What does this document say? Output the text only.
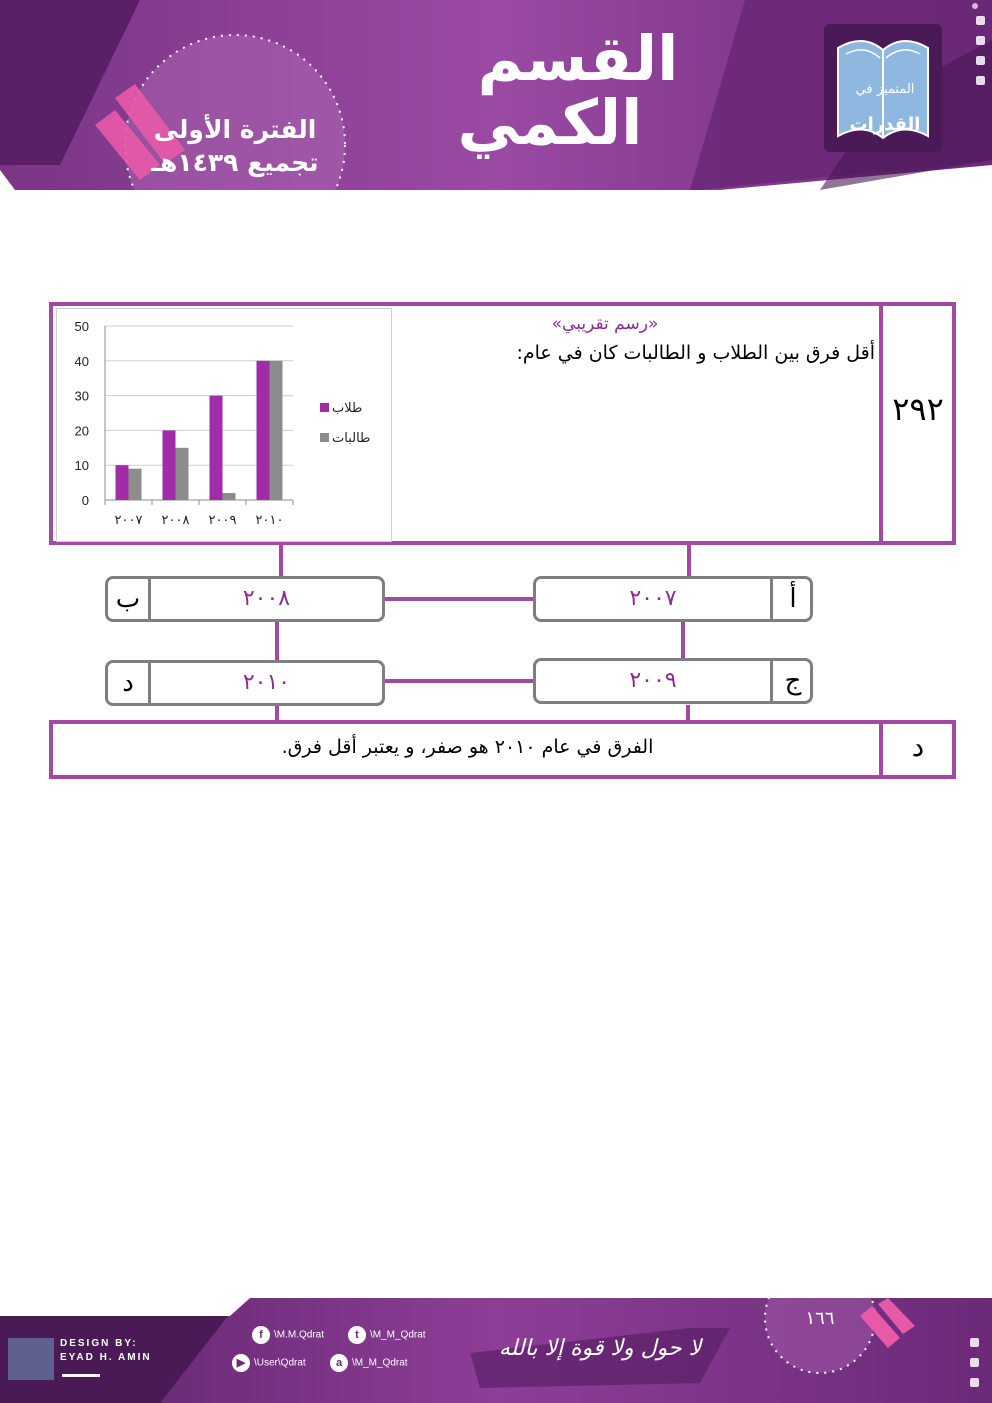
القسم
الكمي
الفترة الأولى
تجميع ١٤٣٩هـ
المتميز في
القدرات
٢٩٢
«رسم تقريبي»
أقل فرق بين الطلاب و الطالبات كان في عام:
0
10
20
30
40
50
٢٠٠٧ ٢٠٠٨ ٢٠٠٩ ٢٠١٠
طلاب
طالبات
٢٠٠٧	أ
ب	٢٠٠٨
٢٠٠٩	ج
د	٢٠١٠
د
الفرق في عام ٢٠١٠ هو صفر، و يعتبر أقل فرق.
DESIGN BY:
EYAD H. AMIN
f \M.M.Qdrat	t \M_M_Qdrat
▶ \User\Qdrat	a \M_M_Qdrat
لا حول ولا قوة إلا بالله
١٦٦
